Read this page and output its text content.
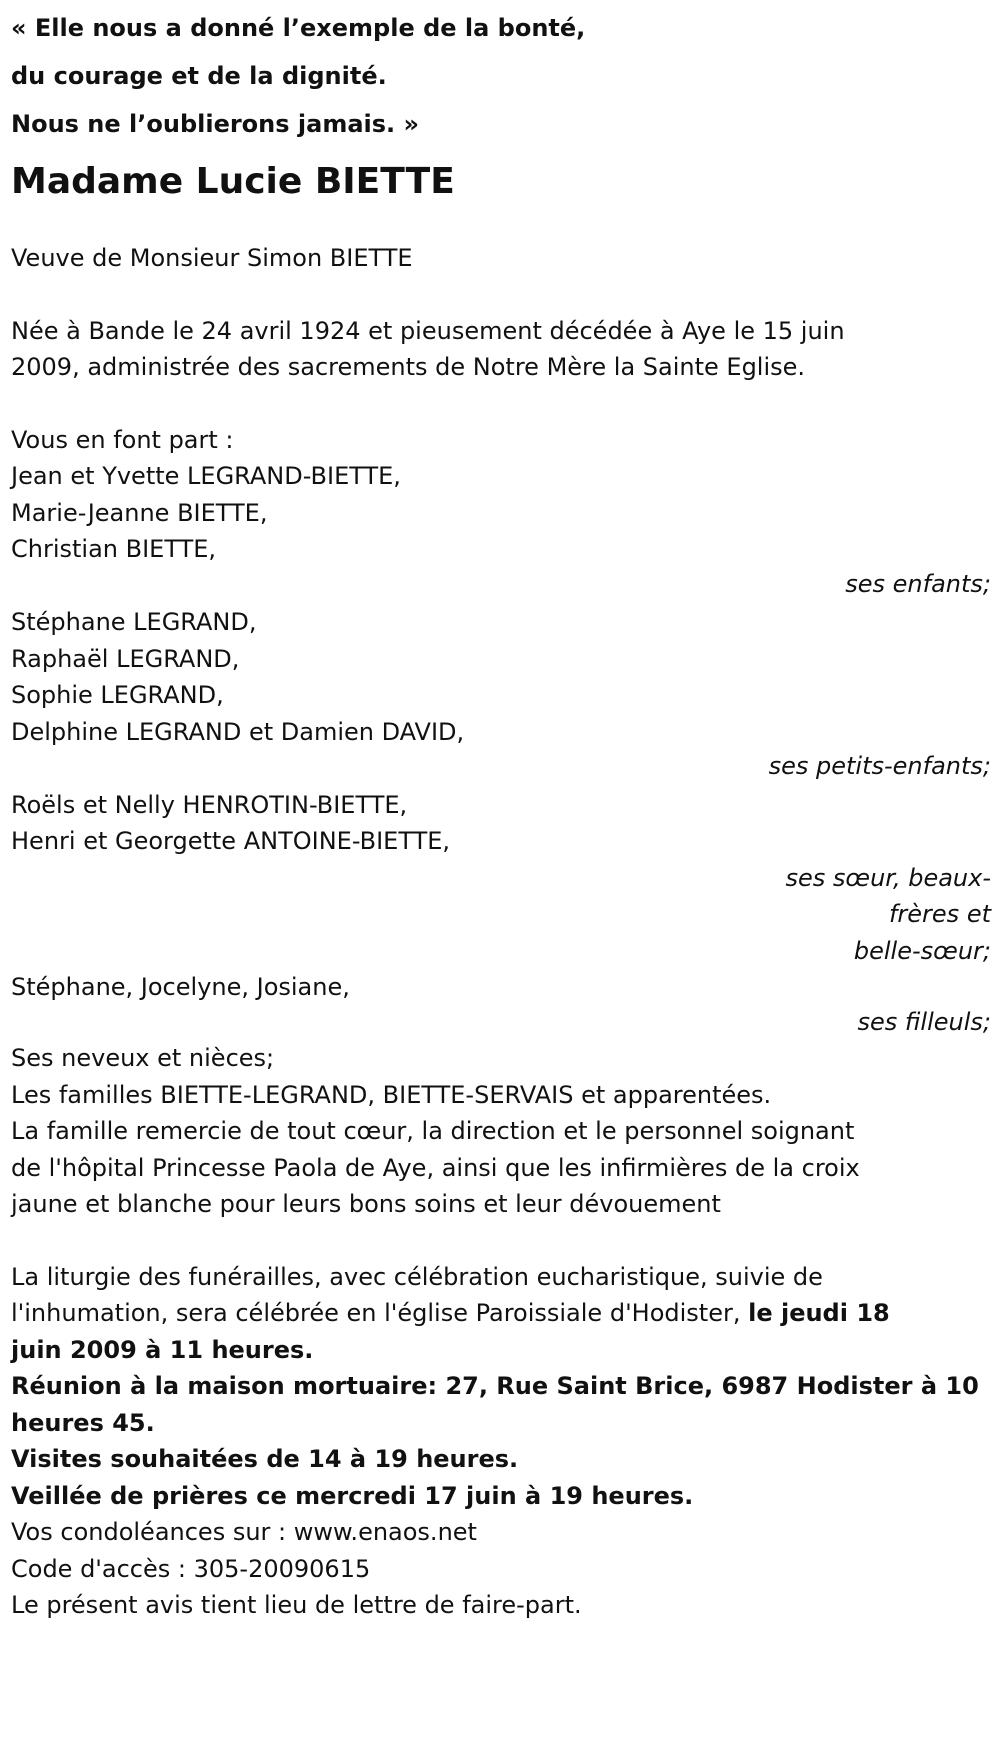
« Elle nous a donné l’exemple de la bonté,
du courage et de la dignité.
Nous ne l’oublierons jamais. »
Madame Lucie BIETTE
Veuve de Monsieur Simon BIETTE
Née à Bande le 24 avril 1924 et pieusement décédée à Aye le 15 juin
2009, administrée des sacrements de Notre Mère la Sainte Eglise.
Vous en font part :
Jean et Yvette LEGRAND-BIETTE,
Marie-Jeanne BIETTE,
Christian BIETTE,
ses enfants;
Stéphane LEGRAND,
Raphaël LEGRAND,
Sophie LEGRAND,
Delphine LEGRAND et Damien DAVID,
ses petits-enfants;
Roëls et Nelly HENROTIN-BIETTE,
Henri et Georgette ANTOINE-BIETTE,
ses sœur, beaux-
frères et
belle-sœur;
Stéphane, Jocelyne, Josiane,
ses filleuls;
Ses neveux et nièces;
Les familles BIETTE-LEGRAND, BIETTE-SERVAIS et apparentées.
La famille remercie de tout cœur, la direction et le personnel soignant
de l'hôpital Princesse Paola de Aye, ainsi que les infirmières de la croix
jaune et blanche pour leurs bons soins et leur dévouement
La liturgie des funérailles, avec célébration eucharistique, suivie de
l'inhumation, sera célébrée en l'église Paroissiale d'Hodister, le jeudi 18
juin 2009 à 11 heures.
Réunion à la maison mortuaire: 27, Rue Saint Brice, 6987 Hodister à 10
heures 45.
Visites souhaitées de 14 à 19 heures.
Veillée de prières ce mercredi 17 juin à 19 heures.
Vos condoléances sur : www.enaos.net
Code d'accès : 305-20090615
Le présent avis tient lieu de lettre de faire-part.
